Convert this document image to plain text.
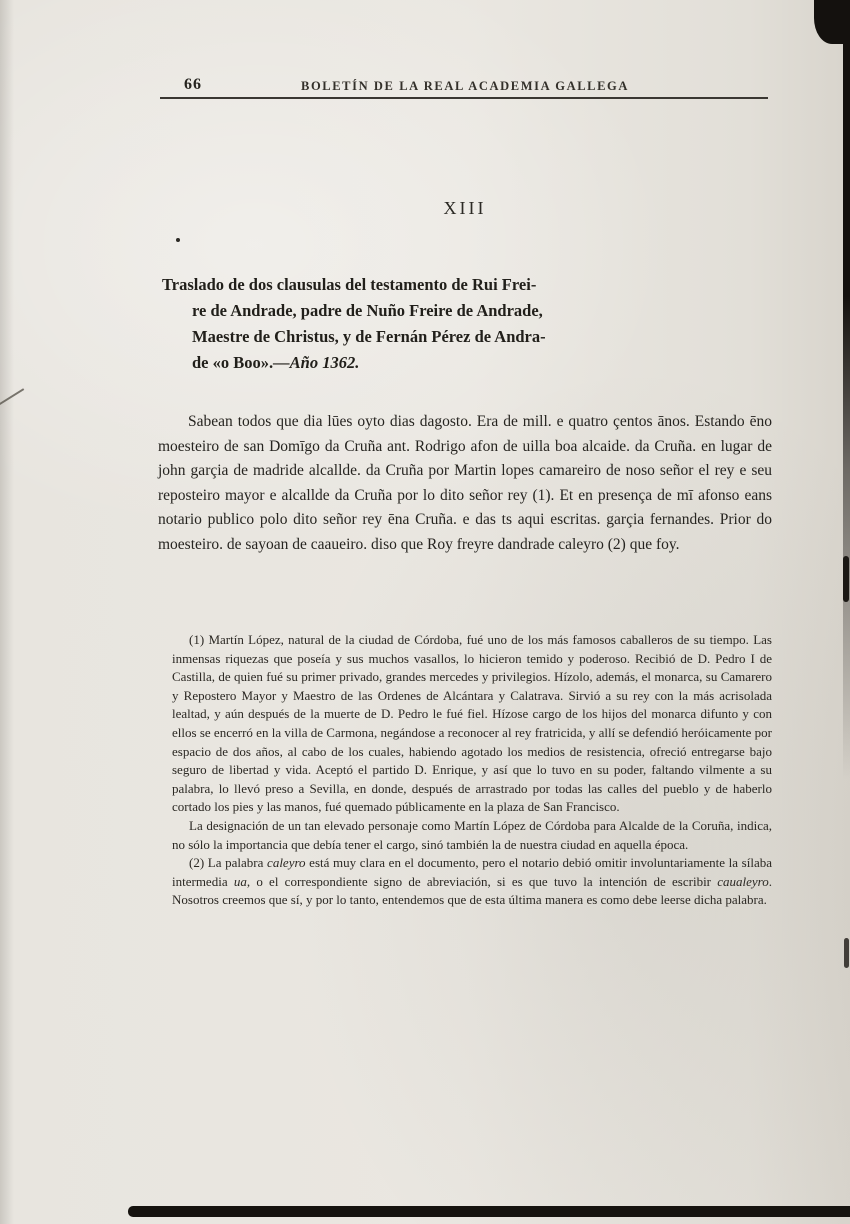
66	BOLETÍN DE LA REAL ACADEMIA GALLEGA
XIII
Traslado de dos clausulas del testamento de Rui Frei-
re de Andrade, padre de Nuño Freire de Andrade,
Maestre de Christus, y de Fernán Pérez de Andra-
de «o Boo».—Año 1362.

Sabean todos que dia lūes oyto dias dagosto. Era de mill. e quatro çentos ānos. Estando ēno moesteiro de san Domīgo da Cruña ant. Rodrigo afon de uilla boa alcaide. da Cruña. en lugar de john garçia de madride alcallde. da Cruña por Martin lopes camareiro de noso señor el rey e seu reposteiro mayor e alcallde da Cruña por lo dito señor rey (1). Et en presença de mī afonso eans notario publico polo dito señor rey ēna Cruña. e das ts aqui escritas. garçia fernandes. Prior do moesteiro. de sayoan de caaueiro. diso que Roy freyre dandrade caleyro (2) que foy.

(1) Martín López, natural de la ciudad de Córdoba, fué uno de los más famosos caballeros de su tiempo. Las inmensas riquezas que poseía y sus muchos vasallos, lo hicieron temido y poderoso. Recibió de D. Pedro I de Castilla, de quien fué su primer privado, grandes mercedes y privilegios. Hízolo, además, el monarca, su Camarero y Repostero Mayor y Maestro de las Ordenes de Alcántara y Calatrava. Sirvió a su rey con la más acrisolada lealtad, y aún después de la muerte de D. Pedro le fué fiel. Hízose cargo de los hijos del monarca difunto y con ellos se encerró en la villa de Carmona, negándose a reconocer al rey fratricida, y allí se defendió heróicamente por espacio de dos años, al cabo de los cuales, habiendo agotado los medios de resistencia, ofreció entregarse bajo seguro de libertad y vida. Aceptó el partido D. Enrique, y así que lo tuvo en su poder, faltando vilmente a su palabra, lo llevó preso a Sevilla, en donde, después de arrastrado por todas las calles del pueblo y de haberlo cortado los pies y las manos, fué quemado públicamente en la plaza de San Francisco.

La designación de un tan elevado personaje como Martín López de Córdoba para Alcalde de la Coruña, indica, no sólo la importancia que debía tener el cargo, sinó también la de nuestra ciudad en aquella época.

(2) La palabra caleyro está muy clara en el documento, pero el notario debió omitir involuntariamente la sílaba intermedia ua, o el correspondiente signo de abreviación, si es que tuvo la intención de escribir caualeyro. Nosotros creemos que sí, y por lo tanto, entendemos que de esta última manera es como debe leerse dicha palabra.
